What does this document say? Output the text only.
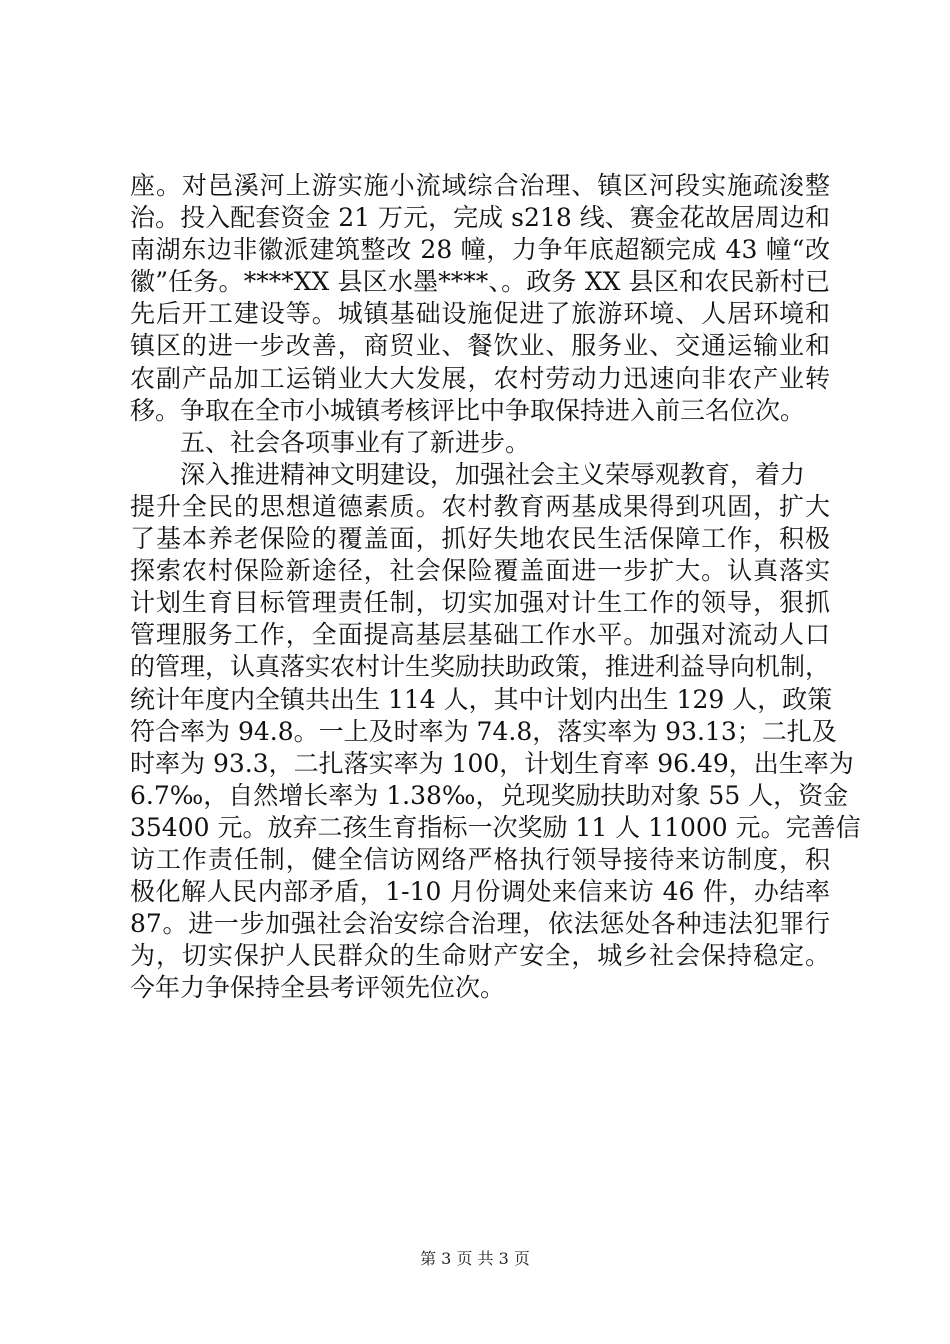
座。对邑溪河上游实施小流域综合治理、镇区河段实施疏浚整
治。投入配套资金 21 万元，完成 s218 线、赛金花故居周边和
南湖东边非徽派建筑整改 28 幢，力争年底超额完成 43 幢“改
徽”任务。****XX 县区水墨****、。政务 XX 县区和农民新村已
先后开工建设等。城镇基础设施促进了旅游环境、人居环境和
镇区的进一步改善，商贸业、餐饮业、服务业、交通运输业和
农副产品加工运销业大大发展，农村劳动力迅速向非农产业转
移。争取在全市小城镇考核评比中争取保持进入前三名位次。
五、社会各项事业有了新进步。
深入推进精神文明建设，加强社会主义荣辱观教育，着力
提升全民的思想道德素质。农村教育两基成果得到巩固，扩大
了基本养老保险的覆盖面，抓好失地农民生活保障工作，积极
探索农村保险新途径，社会保险覆盖面进一步扩大。认真落实
计划生育目标管理责任制，切实加强对计生工作的领导，狠抓
管理服务工作，全面提高基层基础工作水平。加强对流动人口
的管理，认真落实农村计生奖励扶助政策，推进利益导向机制，
统计年度内全镇共出生 114 人，其中计划内出生 129 人，政策
符合率为 94.8。一上及时率为 74.8，落实率为 93.13；二扎及
时率为 93.3，二扎落实率为 100，计划生育率 96.49，出生率为
6.7‰，自然增长率为 1.38‰，兑现奖励扶助对象 55 人，资金
35400 元。放弃二孩生育指标一次奖励 11 人 11000 元。完善信
访工作责任制，健全信访网络严格执行领导接待来访制度，积
极化解人民内部矛盾，1-10 月份调处来信来访 46 件，办结率
87。进一步加强社会治安综合治理，依法惩处各种违法犯罪行
为，切实保护人民群众的生命财产安全，城乡社会保持稳定。
今年力争保持全县考评领先位次。
第 3 页 共 3 页
